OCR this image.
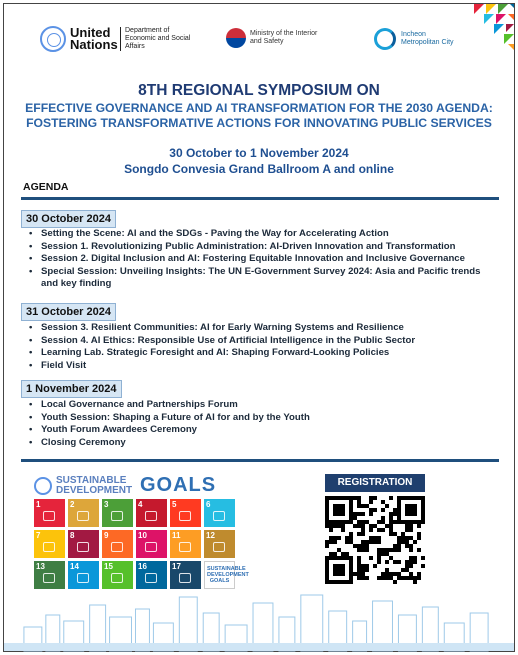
United Nations
Department of Economic and Social Affairs
Ministry of the Interior and Safety
Incheon Metropolitan City
8TH REGIONAL SYMPOSIUM ON
EFFECTIVE GOVERNANCE AND AI TRANSFORMATION FOR THE 2030 AGENDA:
FOSTERING TRANSFORMATIVE ACTIONS FOR INNOVATING PUBLIC SERVICES
30 October to 1 November 2024
Songdo Convesia Grand Ballroom A and online
AGENDA
30 October 2024
• Setting the Scene: AI and the SDGs - Paving the Way for Accelerating Action
• Session 1. Revolutionizing Public Administration: AI-Driven Innovation and Transformation
• Session 2. Digital Inclusion and AI: Fostering Equitable Innovation and Inclusive Governance
• Special Session: Unveiling Insights: The UN E-Government Survey 2024: Asia and Pacific trends and key finding
31 October 2024
• Session 3. Resilient Communities: AI for Early Warning Systems and Resilience
• Session 4. AI Ethics: Responsible Use of Artificial Intelligence in the Public Sector
• Learning Lab. Strategic Foresight and AI: Shaping Forward-Looking Policies
• Field Visit
1 November 2024
• Local Governance and Partnerships Forum
• Youth Session: Shaping a Future of AI for and by the Youth
• Youth Forum Awardees Ceremony
• Closing Ceremony
SUSTAINABLE DEVELOPMENT GOALS
1	2	3	4	5	6
7	8	9	10	11	12
13	14	15	16	17	SUSTAINABLE DEVELOPMENT GOALS
REGISTRATION
